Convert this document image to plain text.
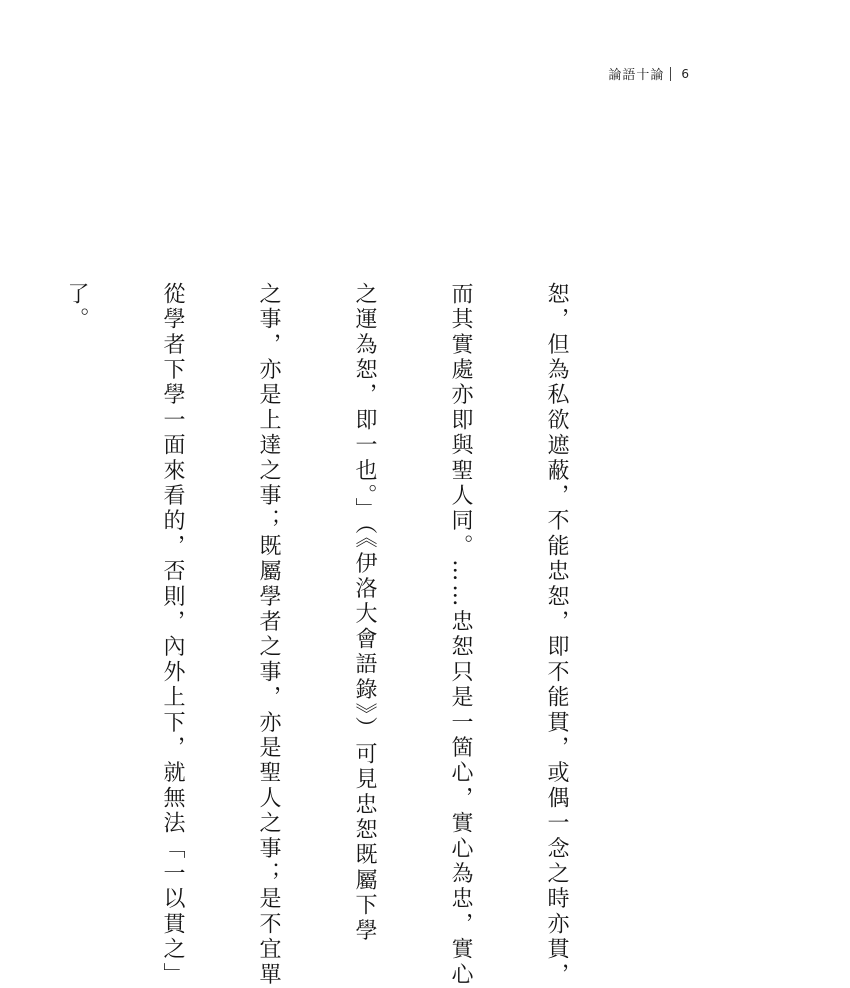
論語十論 6

恕，但為私欲遮蔽，不能忠恕，即不能貫，或偶一念之時亦貫，

而其實處亦即與聖人同。……忠恕只是一箇心，實心為忠，實心

之運為恕，即一也。」（《伊洛大會語錄》）可見忠恕既屬下學

之事，亦是上達之事；既屬學者之事，亦是聖人之事；是不宜單

從學者下學一面來看的，否則，內外上下，就無法「一以貫之」

了。
